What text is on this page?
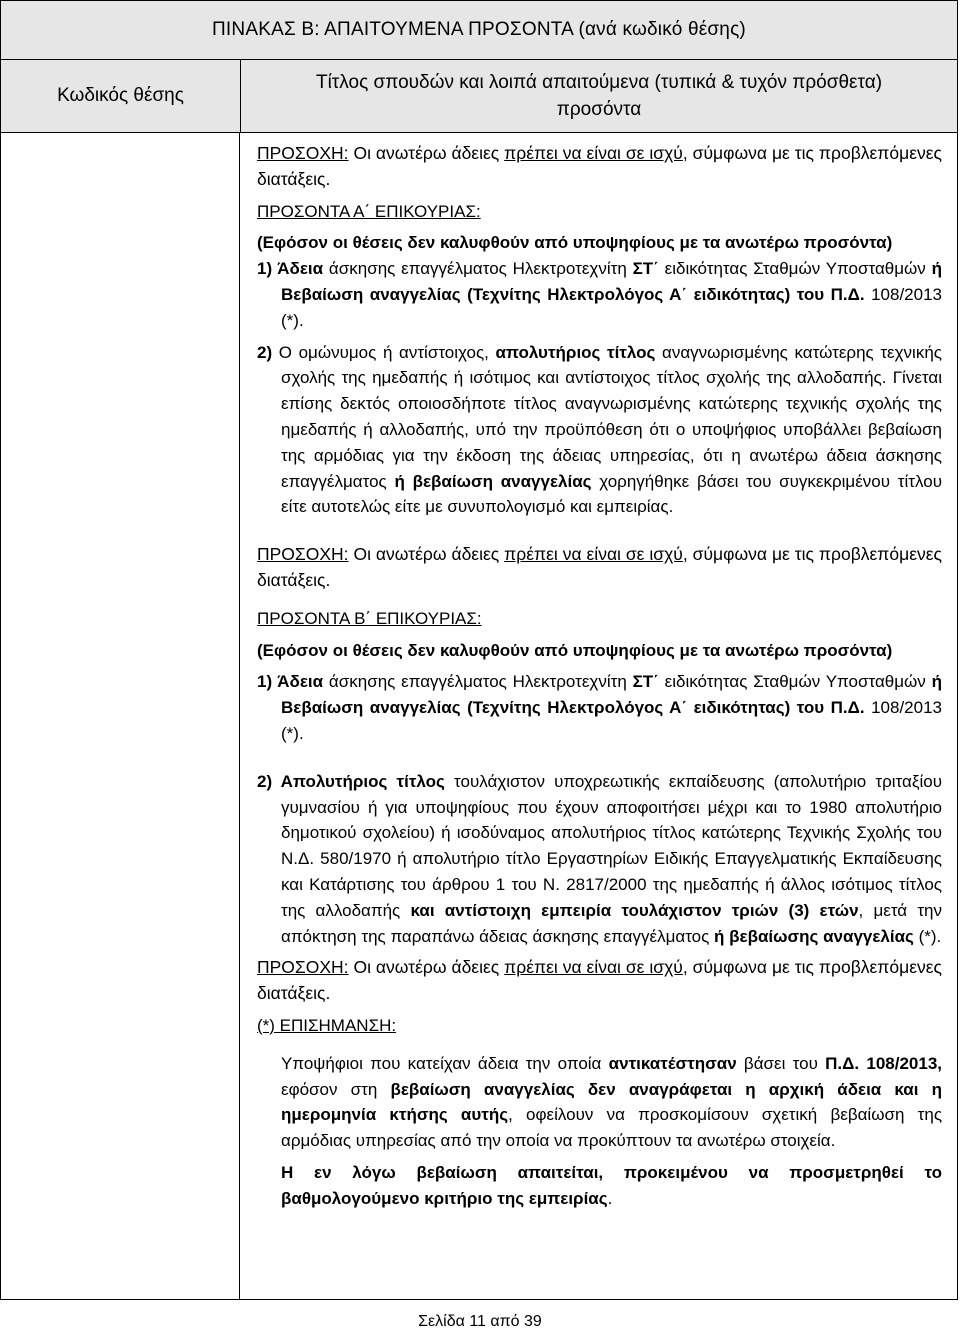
ΠΙΝΑΚΑΣ Β: ΑΠΑΙΤΟΥΜΕΝΑ ΠΡΟΣΟΝΤΑ (ανά κωδικό θέσης)
Κωδικός θέσης
Τίτλος σπουδών και λοιπά απαιτούμενα (τυπικά & τυχόν πρόσθετα) προσόντα

ΠΡΟΣΟΧΗ: Οι ανωτέρω άδειες πρέπει να είναι σε ισχύ, σύμφωνα με τις προβλεπόμενες διατάξεις.

ΠΡΟΣΟΝΤΑ Α΄ ΕΠΙΚΟΥΡΙΑΣ:

(Εφόσον οι θέσεις δεν καλυφθούν από υποψηφίους με τα ανωτέρω προσόντα)

1) Άδεια άσκησης επαγγέλματος Ηλεκτροτεχνίτη ΣΤ΄ ειδικότητας Σταθμών Υποσταθμών ή Βεβαίωση αναγγελίας (Τεχνίτης Ηλεκτρολόγος Α΄ ειδικότητας) του Π.Δ. 108/2013 (*).

2) Ο ομώνυμος ή αντίστοιχος, απολυτήριος τίτλος αναγνωρισμένης κατώτερης τεχνικής σχολής της ημεδαπής ή ισότιμος και αντίστοιχος τίτλος σχολής της αλλοδαπής. Γίνεται επίσης δεκτός οποιοσδήποτε τίτλος αναγνωρισμένης κατώτερης τεχνικής σχολής της ημεδαπής ή αλλοδαπής, υπό την προϋπόθεση ότι ο υποψήφιος υποβάλλει βεβαίωση της αρμόδιας για την έκδοση της άδειας υπηρεσίας, ότι η ανωτέρω άδεια άσκησης επαγγέλματος ή βεβαίωση αναγγελίας χορηγήθηκε βάσει του συγκεκριμένου τίτλου είτε αυτοτελώς είτε με συνυπολογισμό και εμπειρίας.

ΠΡΟΣΟΧΗ: Οι ανωτέρω άδειες πρέπει να είναι σε ισχύ, σύμφωνα με τις προβλεπόμενες διατάξεις.

ΠΡΟΣΟΝΤΑ Β΄ ΕΠΙΚΟΥΡΙΑΣ:

(Εφόσον οι θέσεις δεν καλυφθούν από υποψηφίους με τα ανωτέρω προσόντα)

1) Άδεια άσκησης επαγγέλματος Ηλεκτροτεχνίτη ΣΤ΄ ειδικότητας Σταθμών Υποσταθμών ή Βεβαίωση αναγγελίας (Τεχνίτης Ηλεκτρολόγος Α΄ ειδικότητας) του Π.Δ. 108/2013 (*).

2) Απολυτήριος τίτλος τουλάχιστον υποχρεωτικής εκπαίδευσης (απολυτήριο τριταξίου γυμνασίου ή για υποψηφίους που έχουν αποφοιτήσει μέχρι και το 1980 απολυτήριο δημοτικού σχολείου) ή ισοδύναμος απολυτήριος τίτλος κατώτερης Τεχνικής Σχολής του Ν.Δ. 580/1970 ή απολυτήριο τίτλο Εργαστηρίων Ειδικής Επαγγελματικής Εκπαίδευσης και Κατάρτισης του άρθρου 1 του Ν. 2817/2000 της ημεδαπής ή άλλος ισότιμος τίτλος της αλλοδαπής και αντίστοιχη εμπειρία τουλάχιστον τριών (3) ετών, μετά την απόκτηση της παραπάνω άδειας άσκησης επαγγέλματος ή βεβαίωσης αναγγελίας (*).

ΠΡΟΣΟΧΗ: Οι ανωτέρω άδειες πρέπει να είναι σε ισχύ, σύμφωνα με τις προβλεπόμενες διατάξεις.

(*) ΕΠΙΣΗΜΑΝΣΗ:

Υποψήφιοι που κατείχαν άδεια την οποία αντικατέστησαν βάσει του Π.Δ. 108/2013, εφόσον στη βεβαίωση αναγγελίας δεν αναγράφεται η αρχική άδεια και η ημερομηνία κτήσης αυτής, οφείλουν να προσκομίσουν σχετική βεβαίωση της αρμόδιας υπηρεσίας από την οποία να προκύπτουν τα ανωτέρω στοιχεία.

Η εν λόγω βεβαίωση απαιτείται, προκειμένου να προσμετρηθεί το βαθμολογούμενο κριτήριο της εμπειρίας.

Σελίδα 11 από 39
